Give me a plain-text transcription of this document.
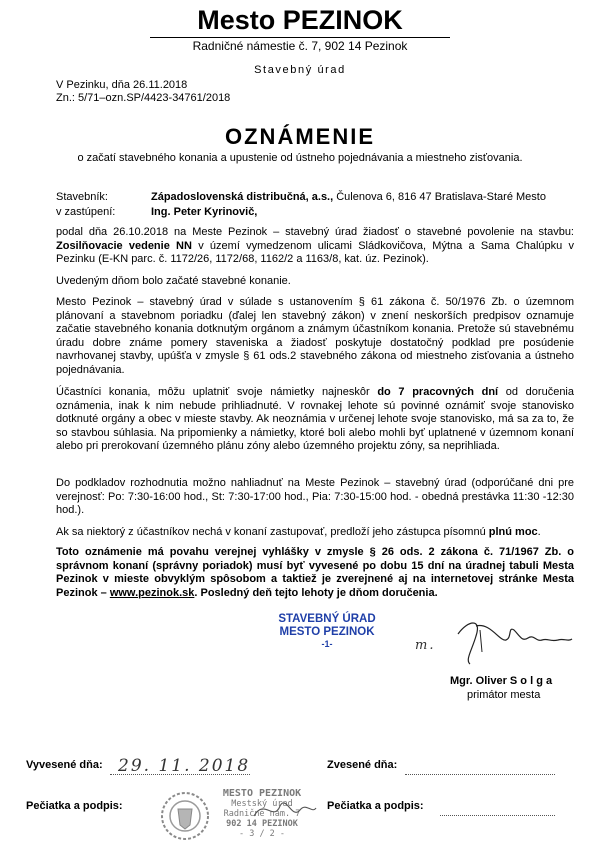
Mesto PEZINOK
Radničné námestie č. 7, 902 14 Pezinok
Stavebný úrad
V Pezinku, dňa 26.11.2018
Zn.: 5/71–ozn.SP/4423-34761/2018
OZNÁMENIE
o začatí stavebného konania a upustenie od ústneho pojednávania a miestneho zisťovania.
Stavebník:	Západoslovenská distribučná, a.s., Čulenova 6, 816 47 Bratislava-Staré Mesto
v zastúpení:	Ing. Peter Kyrinovič,

podal dňa 26.10.2018 na Meste Pezinok – stavebný úrad žiadosť o stavebné povolenie na stavbu: Zosilňovacie vedenie NN v území vymedzenom ulicami Sládkovičova, Mýtna a Sama Chalúpku v Pezinku (E-KN parc. č. 1172/26, 1172/68, 1162/2 a 1163/8, kat. úz. Pezinok).

Uvedeným dňom bolo začaté stavebné konanie.

Mesto Pezinok – stavebný úrad v súlade s ustanovením § 61 zákona č. 50/1976 Zb. o územnom plánovaní a stavebnom poriadku (ďalej len stavebný zákon) v znení neskorších predpisov oznamuje začatie stavebného konania dotknutým orgánom a známym účastníkom konania. Pretože sú stavebnému úradu dobre známe pomery staveniska a žiadosť poskytuje dostatočný podklad pre posúdenie navrhovanej stavby, upúšťa v zmysle § 61 ods.2 stavebného zákona od miestneho zisťovania a ústneho pojednávania.

Účastníci konania, môžu uplatniť svoje námietky najneskôr do 7 pracovných dní od doručenia oznámenia, inak k nim nebude prihliadnuté. V rovnakej lehote sú povinné oznámiť svoje stanovisko dotknuté orgány a obec v mieste stavby. Ak neoznámia v určenej lehote svoje stanovisko, má sa za to, že so stavbou súhlasia. Na pripomienky a námietky, ktoré boli alebo mohli byť uplatnené v územnom konaní alebo pri prerokovaní územného plánu zóny alebo územného projektu zóny, sa neprihliada.

Do podkladov rozhodnutia možno nahliadnuť na Meste Pezinok – stavebný úrad (odporúčané dni pre verejnosť: Po: 7:30-16:00 hod., St: 7:30-17:00 hod., Pia: 7:30-15:00 hod. - obedná prestávka 11:30 -12:30 hod.).

Ak sa niektorý z účastníkov nechá v konaní zastupovať, predloží jeho zástupca písomnú plnú moc.

Toto oznámenie má povahu verejnej vyhlášky v zmysle § 26 ods. 2 zákona č. 71/1967 Zb. o správnom konaní (správny poriadok) musí byť vyvesené po dobu 15 dní na úradnej tabuli Mesta Pezinok v mieste obvyklým spôsobom a taktiež je zverejnené aj na internetovej stránke Mesta Pezinok – www.pezinok.sk. Posledný deň tejto lehoty je dňom doručenia.

STAVEBNÝ ÚRAD
MESTO PEZINOK
-1-	m.
Mgr. Oliver S o l g a
primátor mesta
Vyvesené dňa: 29. 11. 2018	Zvesené dňa:
Pečiatka a podpis:	Pečiatka a podpis:
MESTO PEZINOK
Mestský úrad
Radničné nám. 7
902 14 PEZINOK
- 3 / 2 -
